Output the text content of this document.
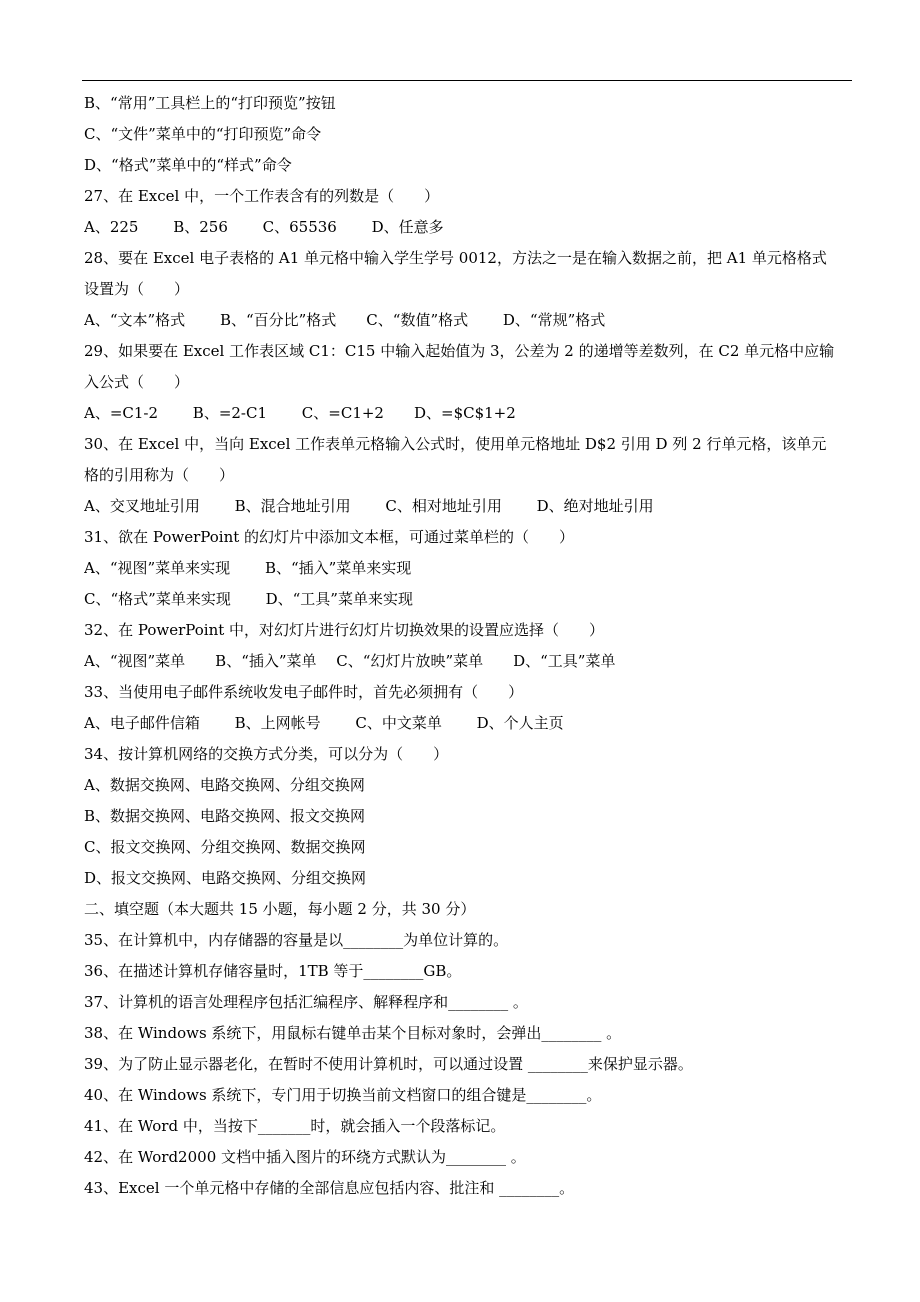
B、“常用”工具栏上的“打印预览”按钮
C、“文件”菜单中的“打印预览”命令
D、“格式”菜单中的“样式”命令
27、在 Excel 中，一个工作表含有的列数是（　　）
A、225　　 B、256　　 C、65536　　 D、任意多
28、要在 Excel 电子表格的 A1 单元格中输入学生学号 0012，方法之一是在输入数据之前，把 A1 单元格格式
设置为（　　）
A、“文本”格式　　 B、“百分比”格式　　C、“数值”格式　　 D、“常规”格式
29、如果要在 Excel 工作表区域 C1：C15 中输入起始值为 3，公差为 2 的递增等差数列，在 C2 单元格中应输
入公式（　　）
A、=C1-2　　 B、=2-C1　　 C、=C1+2　　D、=$C$1+2
30、在 Excel 中，当向 Excel 工作表单元格输入公式时，使用单元格地址 D$2 引用 D 列 2 行单元格，该单元
格的引用称为（　　）
A、交叉地址引用　　 B、混合地址引用　　 C、相对地址引用　　 D、绝对地址引用
31、欲在 PowerPoint 的幻灯片中添加文本框，可通过菜单栏的（　　）
A、“视图”菜单来实现　　 B、“插入”菜单来实现
C、“格式”菜单来实现　　 D、“工具”菜单来实现
32、在 PowerPoint 中，对幻灯片进行幻灯片切换效果的设置应选择（　　）
A、“视图”菜单　　B、“插入”菜单　 C、“幻灯片放映”菜单　　D、“工具”菜单
33、当使用电子邮件系统收发电子邮件时，首先必须拥有（　　）
A、电子邮件信箱　　 B、上网帐号　　 C、中文菜单　　 D、个人主页
34、按计算机网络的交换方式分类，可以分为（　　）
A、数据交换网、电路交换网、分组交换网
B、数据交换网、电路交换网、报文交换网
C、报文交换网、分组交换网、数据交换网
D、报文交换网、电路交换网、分组交换网
二、填空题（本大题共 15 小题，每小题 2 分，共 30 分）
35、在计算机中，内存储器的容量是以________为单位计算的。
36、在描述计算机存储容量时，1TB 等于________GB。
37、计算机的语言处理程序包括汇编程序、解释程序和________ 。
38、在 Windows 系统下，用鼠标右键单击某个目标对象时，会弹出________ 。
39、为了防止显示器老化，在暂时不使用计算机时，可以通过设置 ________来保护显示器。
40、在 Windows 系统下，专门用于切换当前文档窗口的组合键是________。
41、在 Word 中，当按下_______时，就会插入一个段落标记。
42、在 Word2000 文档中插入图片的环绕方式默认为________ 。
43、Excel 一个单元格中存储的全部信息应包括内容、批注和 ________。
